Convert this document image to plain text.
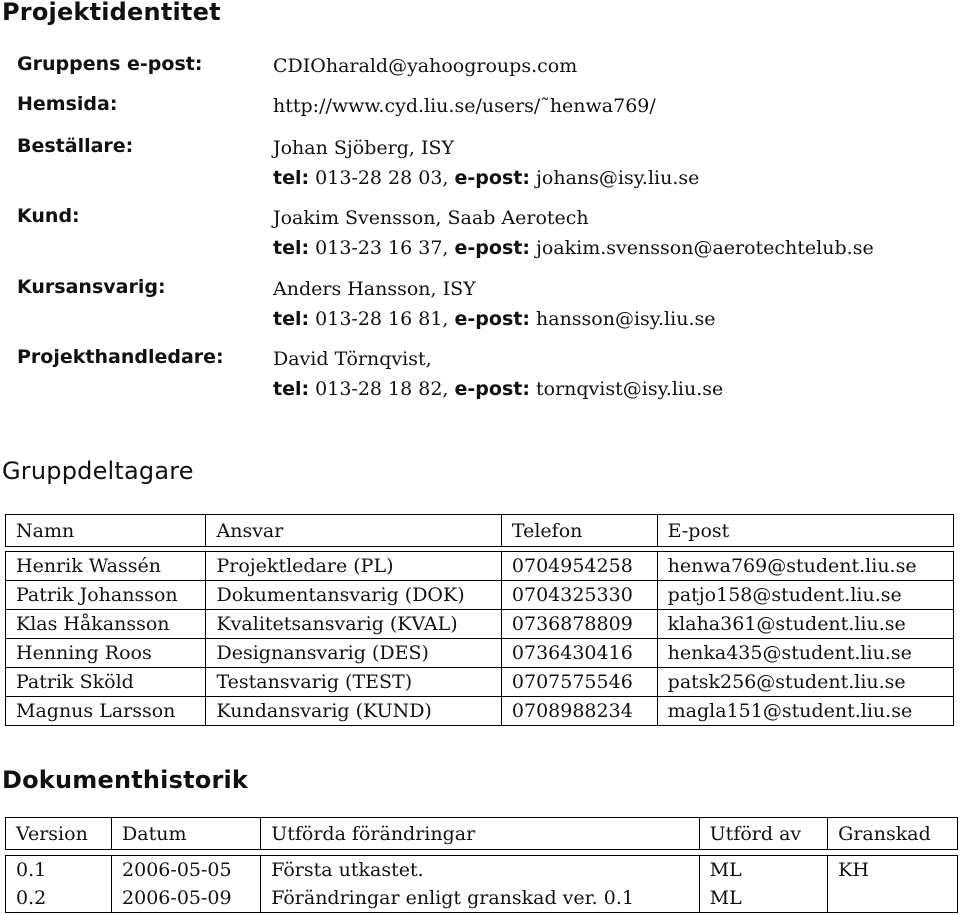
Projektidentitet
Gruppens e-post:	CDIOharald@yahoogroups.com
Hemsida:	http://www.cyd.liu.se/users/˜henwa769/
Beställare:	Johan Sjöberg, ISY
tel: 013-28 28 03, e-post: johans@isy.liu.se
Kund:	Joakim Svensson, Saab Aerotech
tel: 013-23 16 37, e-post: joakim.svensson@aerotechtelub.se
Kursansvarig:	Anders Hansson, ISY
tel: 013-28 16 81, e-post: hansson@isy.liu.se
Projekthandledare:	David Törnqvist,
tel: 013-28 18 82, e-post: tornqvist@isy.liu.se
Gruppdeltagare
Namn	Ansvar	Telefon	E-post

Henrik Wassén	Projektledare (PL)	0704954258	henwa769@student.liu.se
Patrik Johansson	Dokumentansvarig (DOK)	0704325330	patjo158@student.liu.se
Klas Håkansson	Kvalitetsansvarig (KVAL)	0736878809	klaha361@student.liu.se
Henning Roos	Designansvarig (DES)	0736430416	henka435@student.liu.se
Patrik Sköld	Testansvarig (TEST)	0707575546	patsk256@student.liu.se
Magnus Larsson	Kundansvarig (KUND)	0708988234	magla151@student.liu.se
Dokumenthistorik
Version	Datum	Utförda förändringar	Utförd av	Granskad

0.1	2006-05-05	Första utkastet.	ML	KH
0.2	2006-05-09	Förändringar enligt granskad ver. 0.1	ML	
